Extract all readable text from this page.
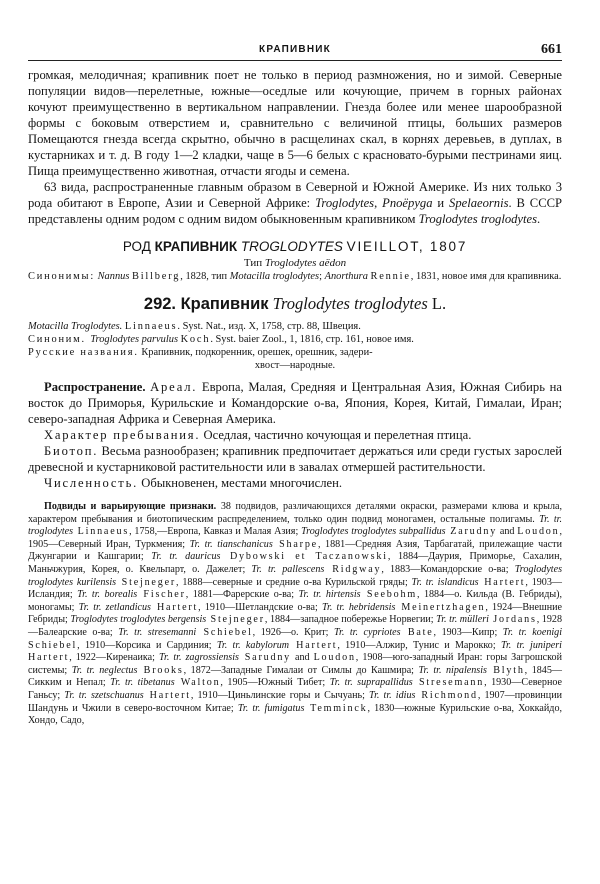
КРАПИВНИК	661

громкая, мелодичная; крапивник поет не только в период размножения, но и зимой. Северные популяции видов—перелетные, южные—оседлые или кочующие, причем в горных районах кочуют преимущественно в вертикальном направлении. Гнезда более или менее шарообразной формы с боковым отверстием и, сравнительно с величиной птицы, больших размеров Помещаются гнезда всегда скрытно, обычно в расщелинах скал, в корнях деревьев, в дуплах, в кустарниках и т. д. В году 1—2 кладки, чаще в 5—6 белых с красновато-бурыми пестринами яиц. Пища преимущественно животная, отчасти ягоды и семена.

63 вида, распространенные главным образом в Северной и Южной Америке. Из них только 3 рода обитают в Европе, Азии и Северной Африке: Troglodytes, Pnoëpyga и Spelaeornis. В СССР представлены одним родом с одним видом обыкновенным крапивником Troglodytes troglodytes.

РОД КРАПИВНИК TROGLODYTES VIEILLOT, 1807

Тип Troglodytes aëdon

Синонимы: Nannus Billberg, 1828, тип Motacilla troglodytes; Anorthura Rennie, 1831, новое имя для крапивника.

292. Крапивник Troglodytes troglodytes L.

Motacilla Troglodytes. Linnaeus. Syst. Nat., изд. X, 1758, стр. 88, Швеция.

Синоним. Troglodytes parvulus Koch. Syst. baier Zool., 1, 1816, стр. 161, новое имя.

Русские названия. Крапивник, подкоренник, орешек, орешник, задери-

хвост—народные.

Распространение. Ареал. Европа, Малая, Средняя и Центральная Азия, Южная Сибирь на восток до Приморья, Курильские и Командорские о-ва, Япония, Корея, Китай, Гималаи, Иран; северо-западная Африка и Северная Америка.

Характер пребывания. Оседлая, частично кочующая и перелетная птица.

Биотоп. Весьма разнообразен; крапивник предпочитает держаться или среди густых зарослей древесной и кустарниковой растительности или в завалах отмершей растительности.

Численность. Обыкновенен, местами многочислен.

Подвиды и варьирующие признаки. 38 подвидов, различающихся деталями окраски, размерами клюва и крыла, характером пребывания и биотопическим распределением, только один подвид моногамен, остальные полигамы. Tr. tr. troglodytes Linnaeus, 1758,—Европа, Кавказ и Малая Азия; Troglodytes troglodytes subpallidus Zarudny and Loudon, 1905—Северный Иран, Туркмения; Tr. tr. tianschanicus Sharpe, 1881—Средняя Азия, Тарбагатай, прилежащие части Джунгарии и Кашгарии; Tr. tr. dauricus Dybowski et Taczanowski, 1884—Даурия, Приморье, Сахалин, Маньчжурия, Корея, о. Квельпарт, о. Дажелет; Tr. tr. pallescens Ridgway, 1883—Командорские о-ва; Troglodytes troglodytes kurilensis Stejneger, 1888—северные и средние о-ва Курильской гряды; Tr. tr. islandicus Hartert, 1903—Исландия; Tr. tr. borealis Fischer, 1881—Фарерские о-ва; Tr. tr. hirtensis Seebohm, 1884—о. Кильда (В. Гебриды), моногамы; Tr. tr. zetlandicus Hartert, 1910—Шетландские о-ва; Tr. tr. hebridensis Meinertzhagen, 1924—Внешние Гебриды; Troglodytes troglodytes bergensis Stejneger, 1884—западное побережье Норвегии; Tr. tr. mülleri Jordans, 1928—Балеарские о-ва; Tr. tr. stresemanni Schiebel, 1926—о. Крит; Tr. tr. cypriotes Bate, 1903—Кипр; Tr. tr. koenigi Schiebel, 1910—Корсика и Сардиния; Tr. tr. kabylorum Hartert, 1910—Алжир, Тунис и Марокко; Tr. tr. juniperi Hartert, 1922—Киренаика; Tr. tr. zagrossiensis Sarudny and Loudon, 1908—юго-западный Иран: горы Загрошской системы; Tr. tr. neglectus Brooks, 1872—Западные Гималаи от Симлы до Кашмира; Tr. tr. nipalensis Blyth, 1845—Сикким и Непал; Tr. tr. tibetanus Walton, 1905—Южный Тибет; Tr. tr. suprapallidus Stresemann, 1930—Северное Ганьсу; Tr. tr. szetschuanus Hartert, 1910—Циньлинские горы и Сычуань; Tr. tr. idius Richmond, 1907—провинции Шандунь и Чжили в северо-восточном Китае; Tr. tr. fumigatus Temminck, 1830—южные Курильские о-ва, Хоккайдо, Хондо, Садо,
